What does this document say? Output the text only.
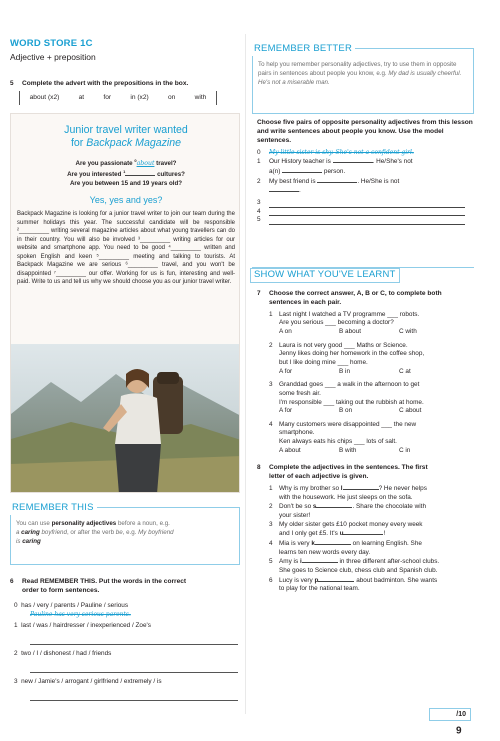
WORD STORE 1C
Adjective + preposition
5 Complete the advert with the prepositions in the box.
about (x2)	at	for	in (x2)	on	with
Junior travel writer wanted
for Backpack Magazine
Are you passionate $^0$about travel?
Are you interested $^1$	cultures?
Are you between 15 and 19 years old?
Yes, yes and yes?
Backpack Magazine is looking for a junior travel writer to join our team during the summer holidays this year. The successful candidate will be responsible ²_________ writing several magazine articles about what young travellers can do in their country. You will also be involved ³_________ writing articles for our website and smartphone app. You need to be good ⁴_________ written and spoken English and keen ⁵_________ meeting and talking to tourists. At Backpack Magazine we are serious ⁶_________ travel, and you won't be disappointed ⁷_________ our offer. Working for us is fun, interesting and well-paid. Write to us and tell us why we should choose you as our junior travel writer.
REMEMBER THIS
You can use personality adjectives before a noun, e.g.
a caring boyfriend, or after the verb be, e.g. My boyfriend
is caring
6 Read REMEMBER THIS. Put the words in the correct
order to form sentences.
0 has / very / parents / Pauline / serious
Pauline has very serious parents.
1 last / was / hairdresser / inexperienced / Zoe's
2 two / I / dishonest / had / friends
3 new / Jamie's / arrogant / girlfriend / extremely / is
REMEMBER BETTER
To help you remember personality adjectives, try to use them in opposite pairs in sentences about people you know, e.g. My dad is usually cheerful. He's not a miserable man.
Choose five pairs of opposite personality adjectives from this lesson and write sentences about people you know. Use the model sentences.
0 My little sister is shy. She's not a confident girl.
1 Our History teacher is	. He/She's not
a(n)	person.
2 My best friend is	. He/She is not
.
3
4
5
SHOW WHAT YOU'VE LEARNT
7 Choose the correct answer, A, B or C, to complete both
sentences in each pair.
1 Last night I watched a TV programme ___ robots.
Are you serious ___ becoming a doctor?
A on	B about	C with
2 Laura is not very good ___ Maths or Science.
Jenny likes doing her homework in the coffee shop,
but I like doing mine ___ home.
A for	B in	C at
3 Granddad goes ___ a walk in the afternoon to get
some fresh air.
I'm responsible ___ taking out the rubbish at home.
A for	B on	C about
4 Many customers were disappointed ___ the new
smartphone.
Ken always eats his chips ___ lots of salt.
A about	B with	C in
8 Complete the adjectives in the sentences. The first
letter of each adjective is given.
1 Why is my brother so l	? He never helps
with the housework. He just sleeps on the sofa.
2 Don't be so s	. Share the chocolate with
your sister!
3 My older sister gets £10 pocket money every week
and I only get £5. It's u	!
4 Mia is very k	on learning English. She
learns ten new words every day.
5 Amy is i	in three different after-school clubs.
She goes to Science club, chess club and Spanish club.
6 Lucy is very p	about badminton. She wants
to play for the national team.
/10
9
